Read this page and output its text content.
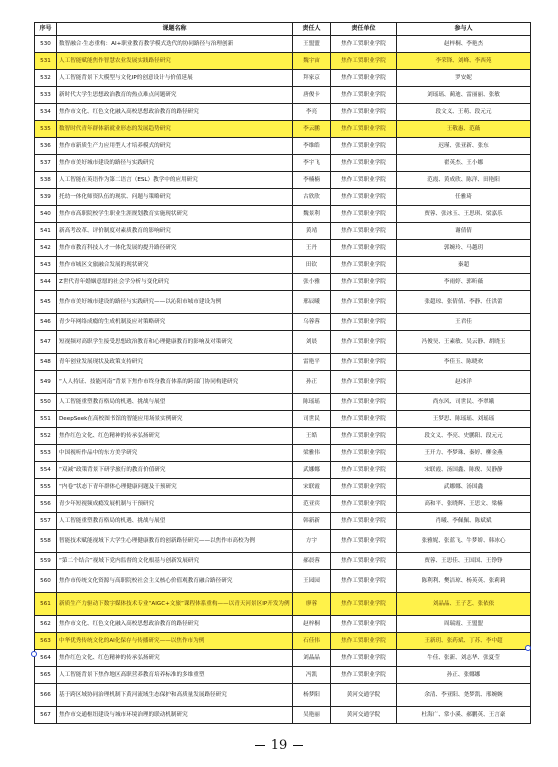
序号	课题名称	责任人	责任单位	参与人
530	数智融合·生态重构：AI+职业教育教学模式迭代的协同路径与治理创新	王盟盟	焦作工贸职业学院	赵梓桐、李艳杰
531	人工智能赋能焦作智慧农业发展实践路径研究	魏宇宙	焦作工贸职业学院	李荣锋、刘峰、李西苑
532	人工智能背景下大模型与文化IP的创意设计与价值延展	拜家京	焦作工贸职业学院	罗安妮
533	新时代大学生思想政治教育的热点难点问题研究	唐俊卡	焦作工贸职业学院	刘瑶瑶、蔺迪、雷丽丽、张敏
534	焦作市文化、红色文化融入高校思想政治教育的路径研究	李亮	焦作工贸职业学院	段文义、王萌、段元元
535	数智时代青年群体新就业形态的发展趋势研究	李云鹏	焦作工贸职业学院	王敬惠、范薇
536	焦作市新质生产力应用型人才培养模式的研究	李维皓	焦作工贸职业学院	迟瑾、张亚新、张东
537	焦作市美好城市建设的路径与实践研究	李宇飞	焦作工贸职业学院	翟英杰、王小娜
538	人工智能在英语作为第二语言（ESL）教学中的应用研究	李楠楠	焦作工贸职业学院	范霞、黄成欣、陈洋、田艳阳
539	托幼一体化师资队伍的现状、问题与策略研究	古欣欣	焦作工贸职业学院	任雅琦
540	焦作市高职院校学生职业生涯规划教育实施现状研究	魏景利	焦作工贸职业学院	贾蓉、张冰玉、王思琪、梁嘉乐
541	新高考改革、评价制度对素质教育的影响研究	黄靖	焦作工贸职业学院	谢倩倩
542	焦作市教育科技人才一体化发展的提升路径研究	王丹	焦作工贸职业学院	郭婉玲、马越玥
543	焦作市城区文旅融合发展的现状研究	田钦	焦作工贸职业学院	秦超
544	Z世代青年婚姻意愿的社会学分析与变化研究	张小雅	焦作工贸职业学院	李雨婷、郭昕薇
545	焦作市美好城市建设的路径与实践研究——以沁阳市城市建设为例	邢辰曦	焦作工贸职业学院	张超琼、张倩倩、李静、任洪蕾
546	青少年网络成瘾的生成机制及应对策略研究	乌蓉蓉	焦作工贸职业学院	王君佳
547	短视频对高职学生接受思想政治教育和心理健康教育的影响及对策研究	刘晨	焦作工贸职业学院	冯俊昊、王素敏、吴云静、胡晓玉
548	青年创业发展现状及政策支持研究	雷艳平	焦作工贸职业学院	李佳玉、陈晓欢
549	“人人持证、技能河南”背景下焦作市终身教育体系的跨部门协同构建研究	孙正	焦作工贸职业学院	赵冰洋
550	人工智能重塑教育格局的机遇、挑战与展望	陈瑶瑶	焦作工贸职业学院	尚东风、司世民、李翠娥
551	DeepSeek在高校图书馆的智能应用场景实例研究	司世民	焦作工贸职业学院	王梦思、陈瑶瑶、刘瑶瑶
552	焦作红色文化、红色精神的传承弘扬研究	王皓	焦作工贸职业学院	段文义、李亮、史鹏阳、段元元
553	中国视听作品中的东方美学研究	梁雅伟	焦作工贸职业学院	王开力、李梦珠、秦婷、柳金燕
554	“双减”政策背景下研学旅行的教育价值研究	武娜娜	焦作工贸职业学院	宋联霞、汤国鑫、陈俊、吴静静
555	“内卷”状态下青年群体心理健康问题及干预研究	宋联霞	焦作工贸职业学院	武娜娜、汤国鑫
556	青少年短视频成瘾发展机制与干预研究	范亚宾	焦作工贸职业学院	高和平、张晓辉、王思文、梁楠
557	人工智能重塑教育格局的机遇、挑战与展望	韩新新	焦作工贸职业学院	肖曦、李佩佩、陈斌斌
558	智能技术赋能视域下大学生心理健康教育的创新路径研究——以焦作市高校为例	方宇	焦作工贸职业学院	张雅妮、张蓝飞、牛梦娇、韩冰心
559	“第二个结合”视域下党内监督的文化根基与创新发展研究	郝晨蓉	焦作工贸职业学院	贾蓉、王思佳、王国国、王铮铮
560	焦作市传统文化资源与高职院校社会主义核心价值观教育融合路径研究	王园园	焦作工贸职业学院	陈利利、樊洁琼、杨英英、张莉莉
561	新质生产力驱动下数字媒体技术专业“AIGC+文旅”课程体系重构——以青天河景区IP开发为例	廖蓉	焦作工贸职业学院	刘晶晶、王子艺、张依依
562	焦作市文化、红色文化融入高校思想政治教育的路径研究	赵梓桐	焦作工贸职业学院	周瑞霞、王盟盟
563	中华优秀传统文化的AI化保存与传播研究——以焦作市为例	石佳伟	焦作工贸职业学院	王新玥、张药斌、丁苏、李中超
564	焦作红色文化、红色精神的传承弘扬研究	刘晶晶	焦作工贸职业学院	牛佳、张新、刘志华、张夏莹
565	人工智能背景下焦作地区高职营养教育培养标准的多维重塑	冯凯	焦作工贸职业学院	孙正、张娜娜
566	基于跨区域协同治理机制下黄河流域生态保护和高质量发展路径研究	杨梦阳	黄河交通学院	余清、李亚阳、尧梦凯、邢婉婉
567	焦作市交通枢纽建设与城市环境治理的联动机制研究	吴艳丽	黄河交通学院	杜海广、常小溪、郝鹏英、王言豪
19
